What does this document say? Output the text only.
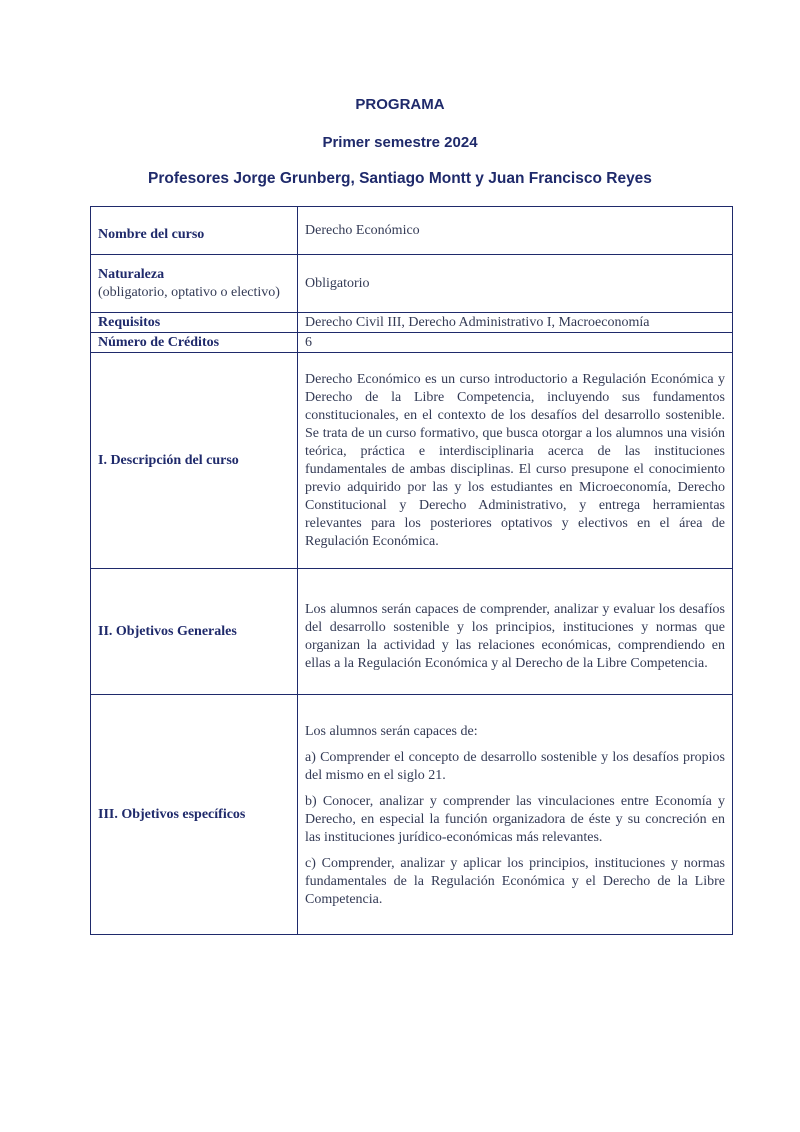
PROGRAMA
Primer semestre 2024
Profesores Jorge Grunberg, Santiago Montt y Juan Francisco Reyes
Nombre del curso	Derecho Económico

Naturaleza
(obligatorio, optativo o electivo)	Obligatorio
Requisitos	Derecho Civil III, Derecho Administrativo I, Macroeconomía
Número de Créditos	6
I. Descripción del curso	Derecho Económico es un curso introductorio a Regulación Económica y Derecho de la Libre Competencia, incluyendo sus fundamentos constitucionales, en el contexto de los desafíos del desarrollo sostenible. Se trata de un curso formativo, que busca otorgar a los alumnos una visión teórica, práctica e interdisciplinaria acerca de las instituciones fundamentales de ambas disciplinas. El curso presupone el conocimiento previo adquirido por las y los estudiantes en Microeconomía, Derecho Constitucional y Derecho Administrativo, y entrega herramientas relevantes para los posteriores optativos y electivos en el área de Regulación Económica.
II. Objetivos Generales	Los alumnos serán capaces de comprender, analizar y evaluar los desafíos del desarrollo sostenible y los principios, instituciones y normas que organizan la actividad y las relaciones económicas, comprendiendo en ellas a la Regulación Económica y al Derecho de la Libre Competencia.
III. Objetivos específicos	Los alumnos serán capaces de:

a) Comprender el concepto de desarrollo sostenible y los desafíos propios del mismo en el siglo 21.

b) Conocer, analizar y comprender las vinculaciones entre Economía y Derecho, en especial la función organizadora de éste y su concreción en las instituciones jurídico-económicas más relevantes.

c) Comprender, analizar y aplicar los principios, instituciones y normas fundamentales de la Regulación Económica y el Derecho de la Libre Competencia.
